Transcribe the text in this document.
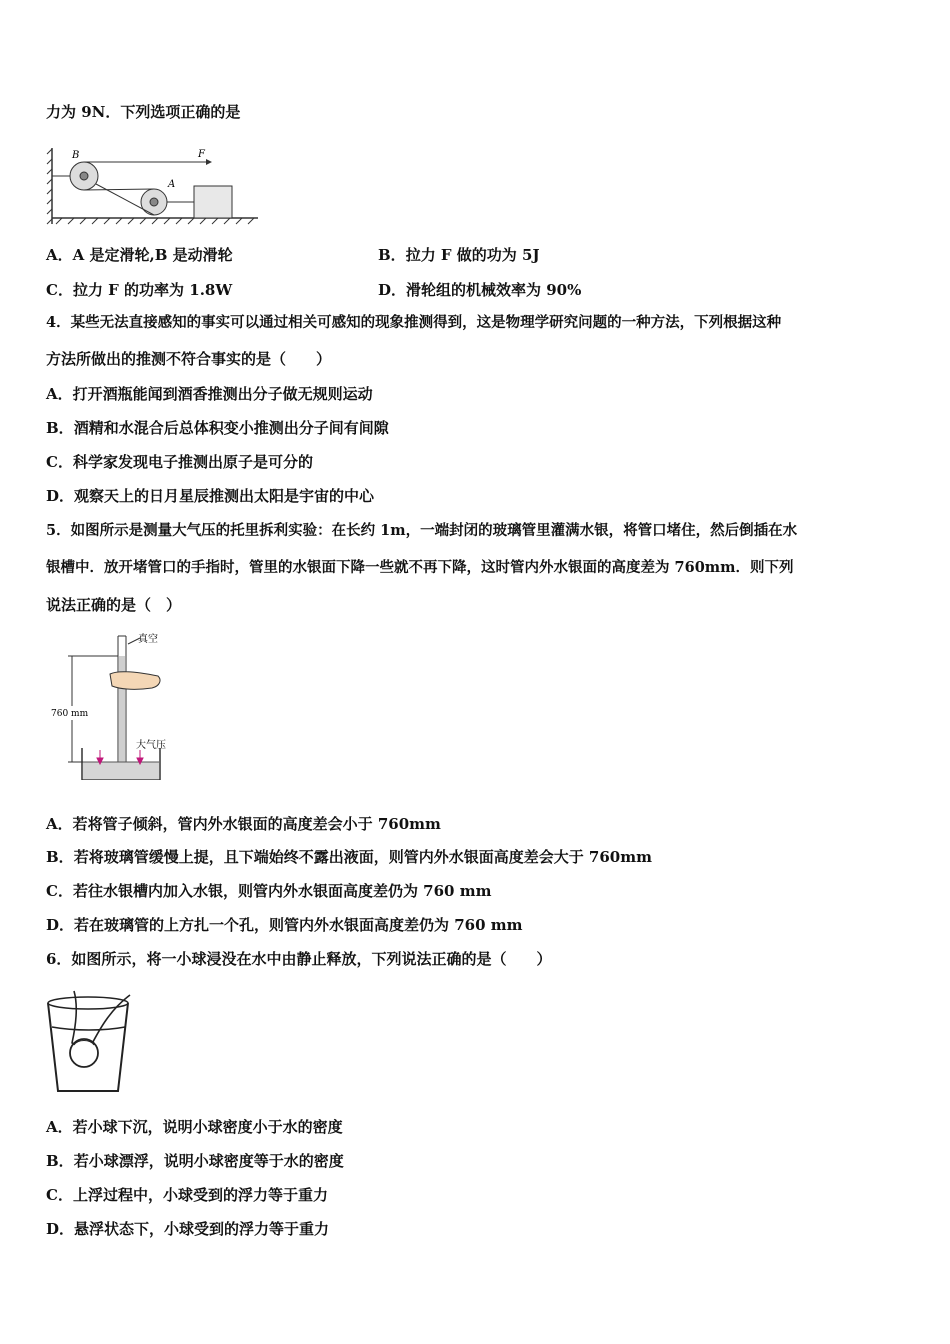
力为 9N．下列选项正确的是
B
A
F
A．A 是定滑轮,B 是动滑轮	B．拉力 F 做的功为 5J
C．拉力 F 的功率为 1.8W	D．滑轮组的机械效率为 90%
4．某些无法直接感知的事实可以通过相关可感知的现象推测得到，这是物理学研究问题的一种方法，下列根据这种
方法所做出的推测不符合事实的是（　　）
A．打开酒瓶能闻到酒香推测出分子做无规则运动
B．酒精和水混合后总体积变小推测出分子间有间隙
C．科学家发现电子推测出原子是可分的
D．观察天上的日月星辰推测出太阳是宇宙的中心
5．如图所示是测量大气压的托里拆利实验：在长约 1m，一端封闭的玻璃管里灌满水银，将管口堵住，然后倒插在水
银槽中．放开堵管口的手指时，管里的水银面下降一些就不再下降，这时管内外水银面的高度差为 760mm．则下列
说法正确的是（　）
760 mm
真空
大气压
A．若将管子倾斜，管内外水银面的高度差会小于 760mm
B．若将玻璃管缓慢上提，且下端始终不露出液面，则管内外水银面高度差会大于 760mm
C．若往水银槽内加入水银，则管内外水银面高度差仍为 760 mm
D．若在玻璃管的上方扎一个孔，则管内外水银面高度差仍为 760 mm
6．如图所示，将一小球浸没在水中由静止释放，下列说法正确的是（　　）
A．若小球下沉，说明小球密度小于水的密度
B．若小球漂浮，说明小球密度等于水的密度
C．上浮过程中，小球受到的浮力等于重力
D．悬浮状态下，小球受到的浮力等于重力
